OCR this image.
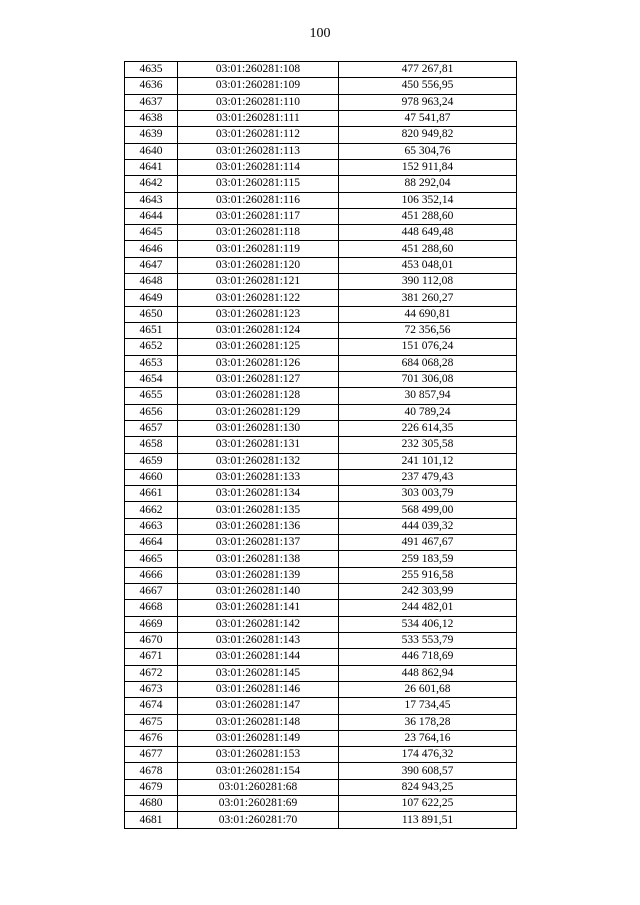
100
4635	03:01:260281:108	477 267,81
4636	03:01:260281:109	450 556,95
4637	03:01:260281:110	978 963,24
4638	03:01:260281:111	47 541,87
4639	03:01:260281:112	820 949,82
4640	03:01:260281:113	65 304,76
4641	03:01:260281:114	152 911,84
4642	03:01:260281:115	88 292,04
4643	03:01:260281:116	106 352,14
4644	03:01:260281:117	451 288,60
4645	03:01:260281:118	448 649,48
4646	03:01:260281:119	451 288,60
4647	03:01:260281:120	453 048,01
4648	03:01:260281:121	390 112,08
4649	03:01:260281:122	381 260,27
4650	03:01:260281:123	44 690,81
4651	03:01:260281:124	72 356,56
4652	03:01:260281:125	151 076,24
4653	03:01:260281:126	684 068,28
4654	03:01:260281:127	701 306,08
4655	03:01:260281:128	30 857,94
4656	03:01:260281:129	40 789,24
4657	03:01:260281:130	226 614,35
4658	03:01:260281:131	232 305,58
4659	03:01:260281:132	241 101,12
4660	03:01:260281:133	237 479,43
4661	03:01:260281:134	303 003,79
4662	03:01:260281:135	568 499,00
4663	03:01:260281:136	444 039,32
4664	03:01:260281:137	491 467,67
4665	03:01:260281:138	259 183,59
4666	03:01:260281:139	255 916,58
4667	03:01:260281:140	242 303,99
4668	03:01:260281:141	244 482,01
4669	03:01:260281:142	534 406,12
4670	03:01:260281:143	533 553,79
4671	03:01:260281:144	446 718,69
4672	03:01:260281:145	448 862,94
4673	03:01:260281:146	26 601,68
4674	03:01:260281:147	17 734,45
4675	03:01:260281:148	36 178,28
4676	03:01:260281:149	23 764,16
4677	03:01:260281:153	174 476,32
4678	03:01:260281:154	390 608,57
4679	03:01:260281:68	824 943,25
4680	03:01:260281:69	107 622,25
4681	03:01:260281:70	113 891,51
